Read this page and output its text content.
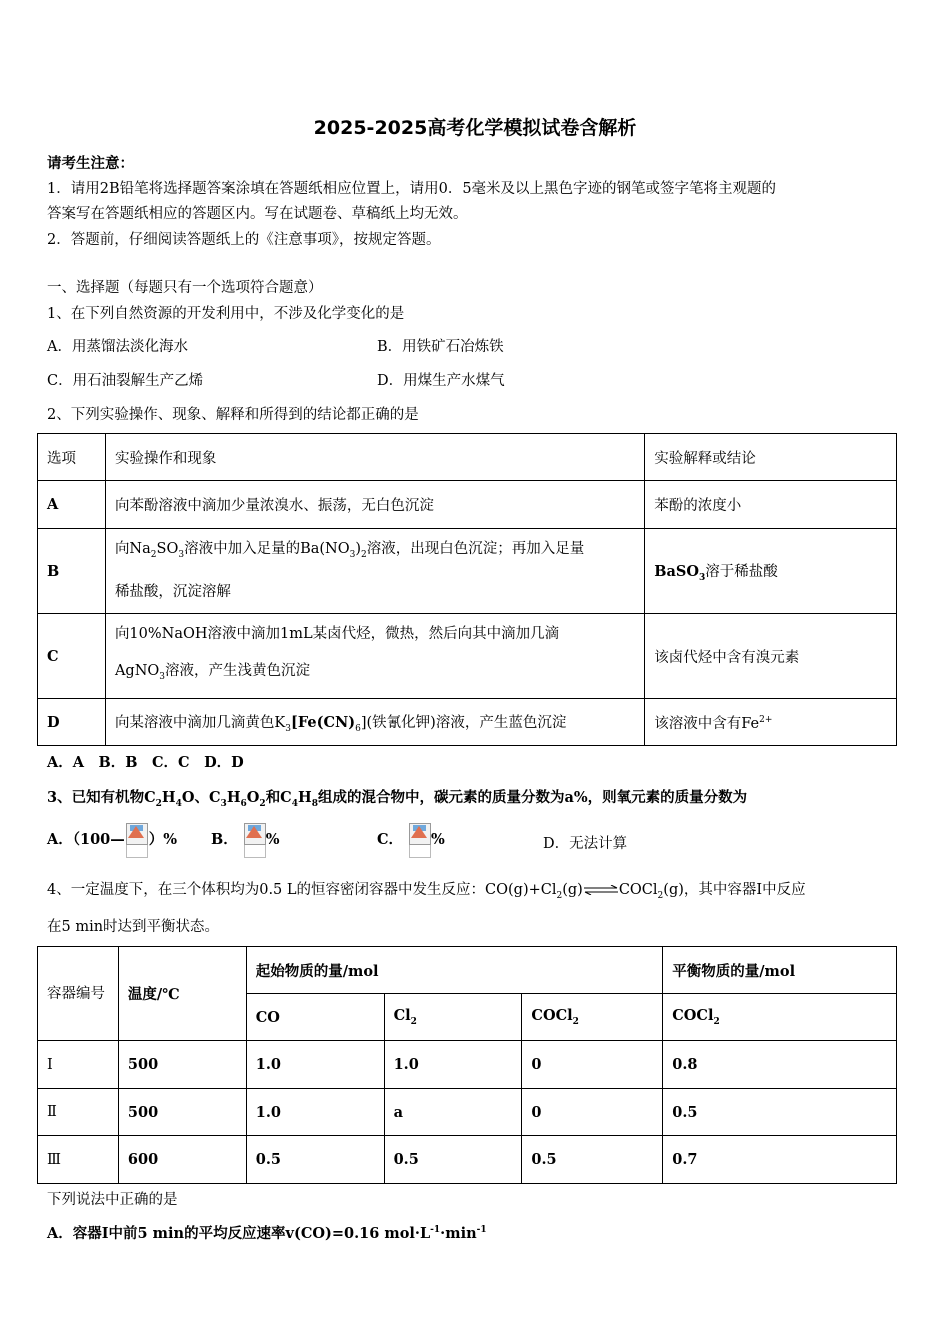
2025-2025高考化学模拟试卷含解析
请考生注意：
1．请用2B铅笔将选择题答案涂填在答题纸相应位置上，请用0．5毫米及以上黑色字迹的钢笔或签字笔将主观题的
答案写在答题纸相应的答题区内。写在试题卷、草稿纸上均无效。
2．答题前，仔细阅读答题纸上的《注意事项》，按规定答题。
一、选择题（每题只有一个选项符合题意）
1、在下列自然资源的开发利用中，不涉及化学变化的是
A．用蒸馏法淡化海水	B．用铁矿石冶炼铁
C．用石油裂解生产乙烯	D．用煤生产水煤气
2、下列实验操作、现象、解释和所得到的结论都正确的是
选项	实验操作和现象	实验解释或结论
A	向苯酚溶液中滴加少量浓溴水、振荡，无白色沉淀	苯酚的浓度小
B	向$Na_2SO_3$溶液中加入足量的$Ba(NO_3)_2$溶液，出现白色沉淀；再加入足量
稀盐酸，沉淀溶解	BaSO$_3$溶于稀盐酸
C	向10%NaOH溶液中滴加1mL某卤代烃，微热，然后向其中滴加几滴
AgNO$_3$溶液，产生浅黄色沉淀	该卤代烃中含有溴元素
D	向某溶液中滴加几滴黄色$K_3[Fe(CN)_6]$(铁氰化钾)溶液，产生蓝色沉淀	该溶液中含有$Fe^{2+}$
A．A　B．B　C．C　D．D
3、已知有机物$C_2H_4O$、$C_3H_6O_2$和$C_4H_8$组成的混合物中，碳元素的质量分数为a%，则氧元素的质量分数为
A．（100— ）% B． %	C． %	D．无法计算
4、一定温度下，在三个体积均为0.5 L的恒容密闭容器中发生反应：$CO(g)+Cl_2(g)\rightleftharpoons COCl_2(g)$，其中容器Ⅰ中反应
在5 min时达到平衡状态。
容器编号	温度/℃	起始物质的量/mol			平衡物质的量/mol
		CO	$Cl_2$	COCl$_2$	COCl$_2$
Ⅰ	500	1.0	1.0	0	0.8
Ⅱ	500	1.0	a	0	0.5
Ⅲ	600	0.5	0.5	0.5	0.7
下列说法中正确的是
A．容器Ⅰ中前5 min的平均反应速率v(CO)=0.16 $mol\cdot L^{-1}\cdot\min^{-1}$
